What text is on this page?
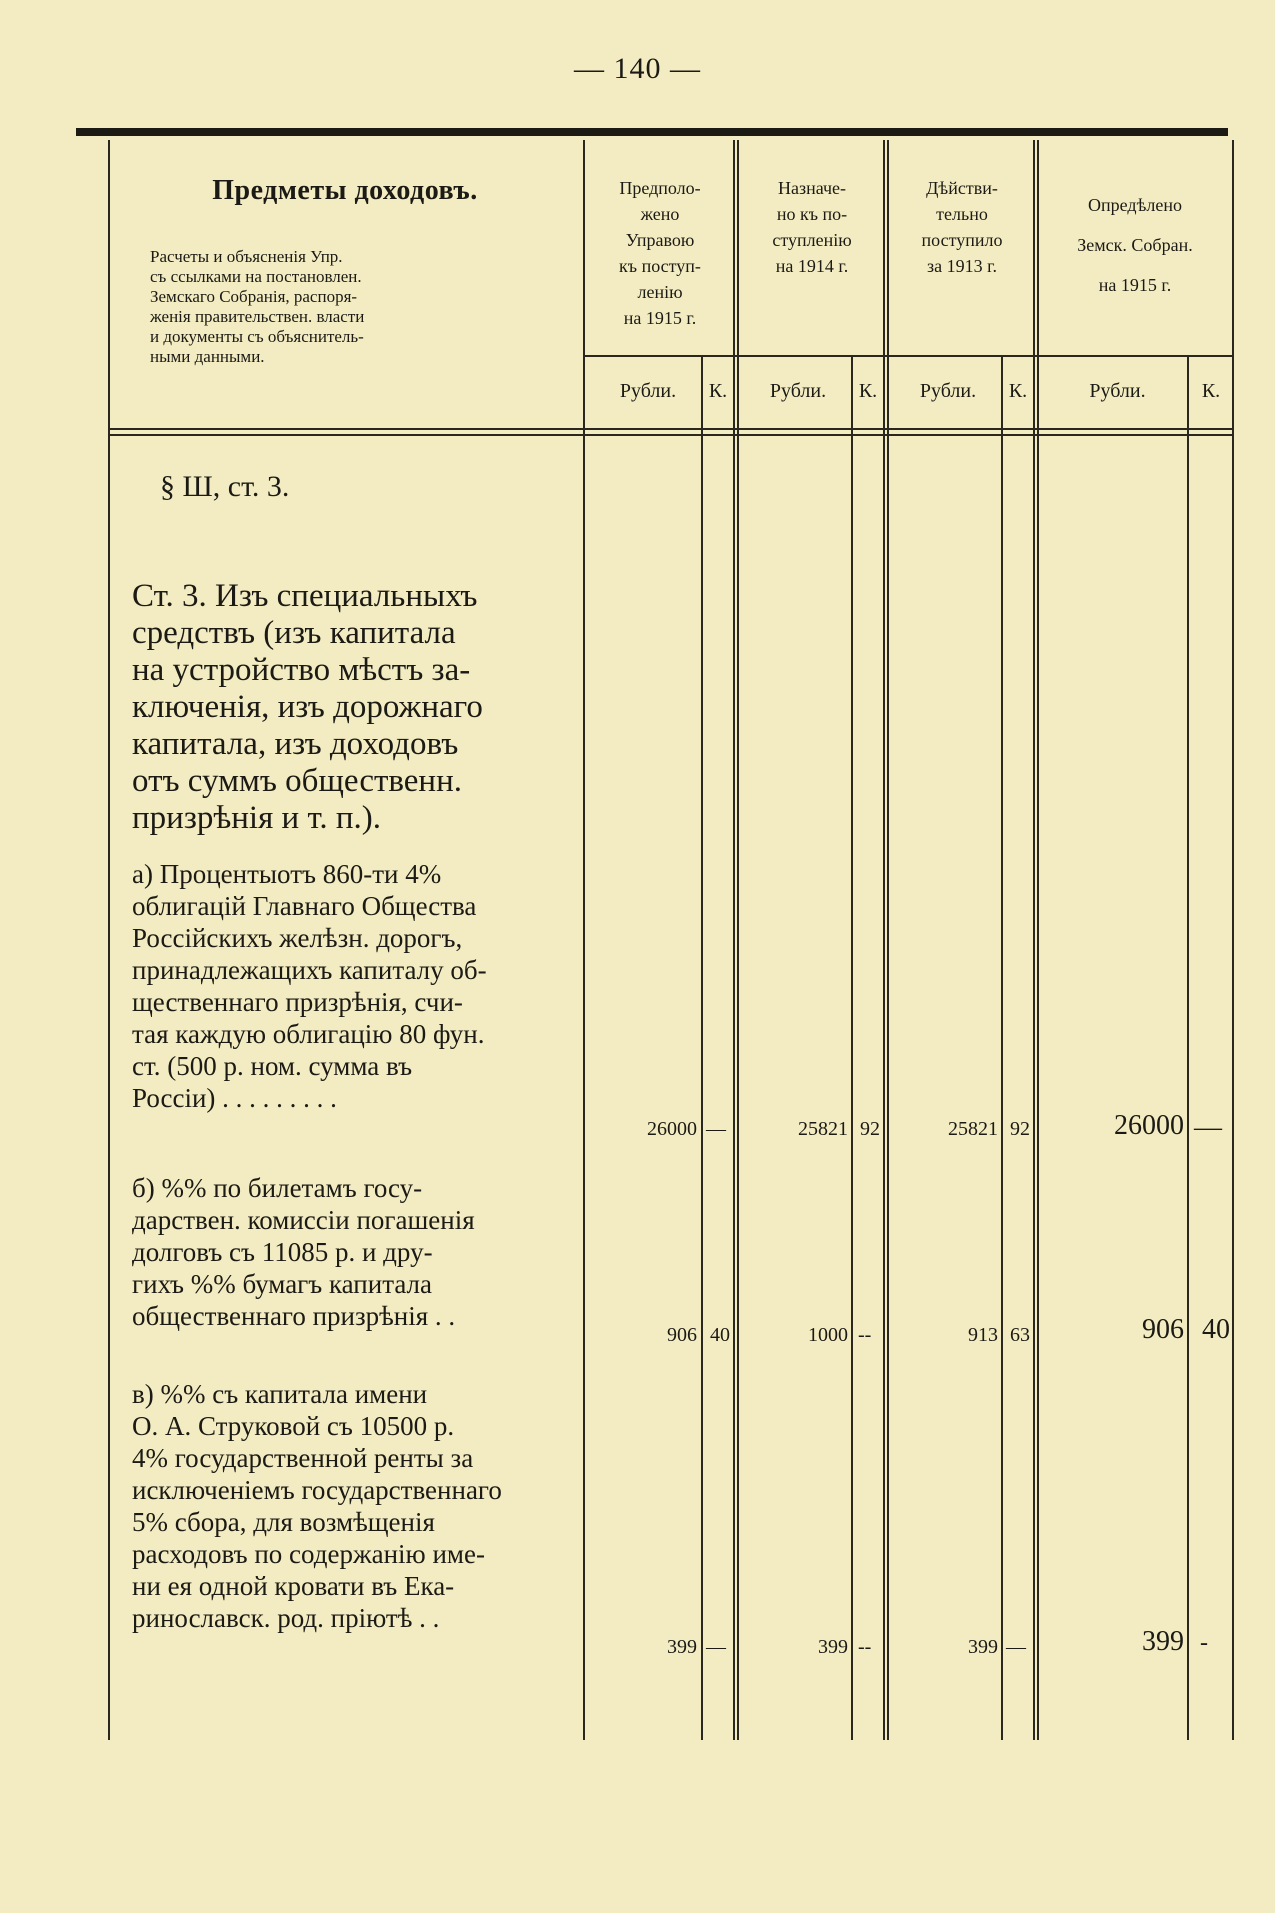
— 140 —
Предметы доходовъ.
Расчеты и объясненія Упр.
съ ссылками на постановлен.
Земскаго Собранія, распоря-
женія правительствен. власти
и документы съ объяснитель-
ными данными.
Предполо-
жено
Управою
къ поступ-
ленію
на 1915 г.
Назначе-
но къ по-
ступленію
на 1914 г.
Дѣйстви-
тельно
поступило
за 1913 г.
Опредѣлено
Земск. Собран.
на 1915 г.
Рубли.	К.	Рубли.	К.	Рубли.	К.	Рубли.	К.
§ Ш, ст. 3.
Ст. 3. Изъ специальныхъ
средствъ (изъ капитала
на устройство мѣстъ за-
ключенія, изъ дорожнаго
капитала, изъ доходовъ
отъ суммъ общественн.
призрѣнія и т. п.).
а) Процентыотъ 860-ти 4%
облигацій Главнаго Общества
Россійскихъ желѣзн. дорогъ,
принадлежащихъ капиталу об-
щественнаго призрѣнія, счи-
тая каждую облигацію 80 фун.
ст. (500 р. ном. сумма въ
Россіи) . . . . . . . . .
26000 —	25821 92	25821 92	26000 —
б) %% по билетамъ госу-
дарствен. комиссіи погашенія
долговъ съ 11085 р. и дру-
гихъ %% бумагъ капитала
общественнаго призрѣнія . .
906 40	1000 --	913 63	906 40
в) %% съ капитала имени
О. А. Струковой съ 10500 р.
4% государственной ренты за
исключеніемъ государственнаго
5% сбора, для возмѣщенія
расходовъ по содержанію име-
ни ея одной кровати въ Ека-
ринославск. род. пріютѣ . .
399 —	399 --	399 —	399 -
